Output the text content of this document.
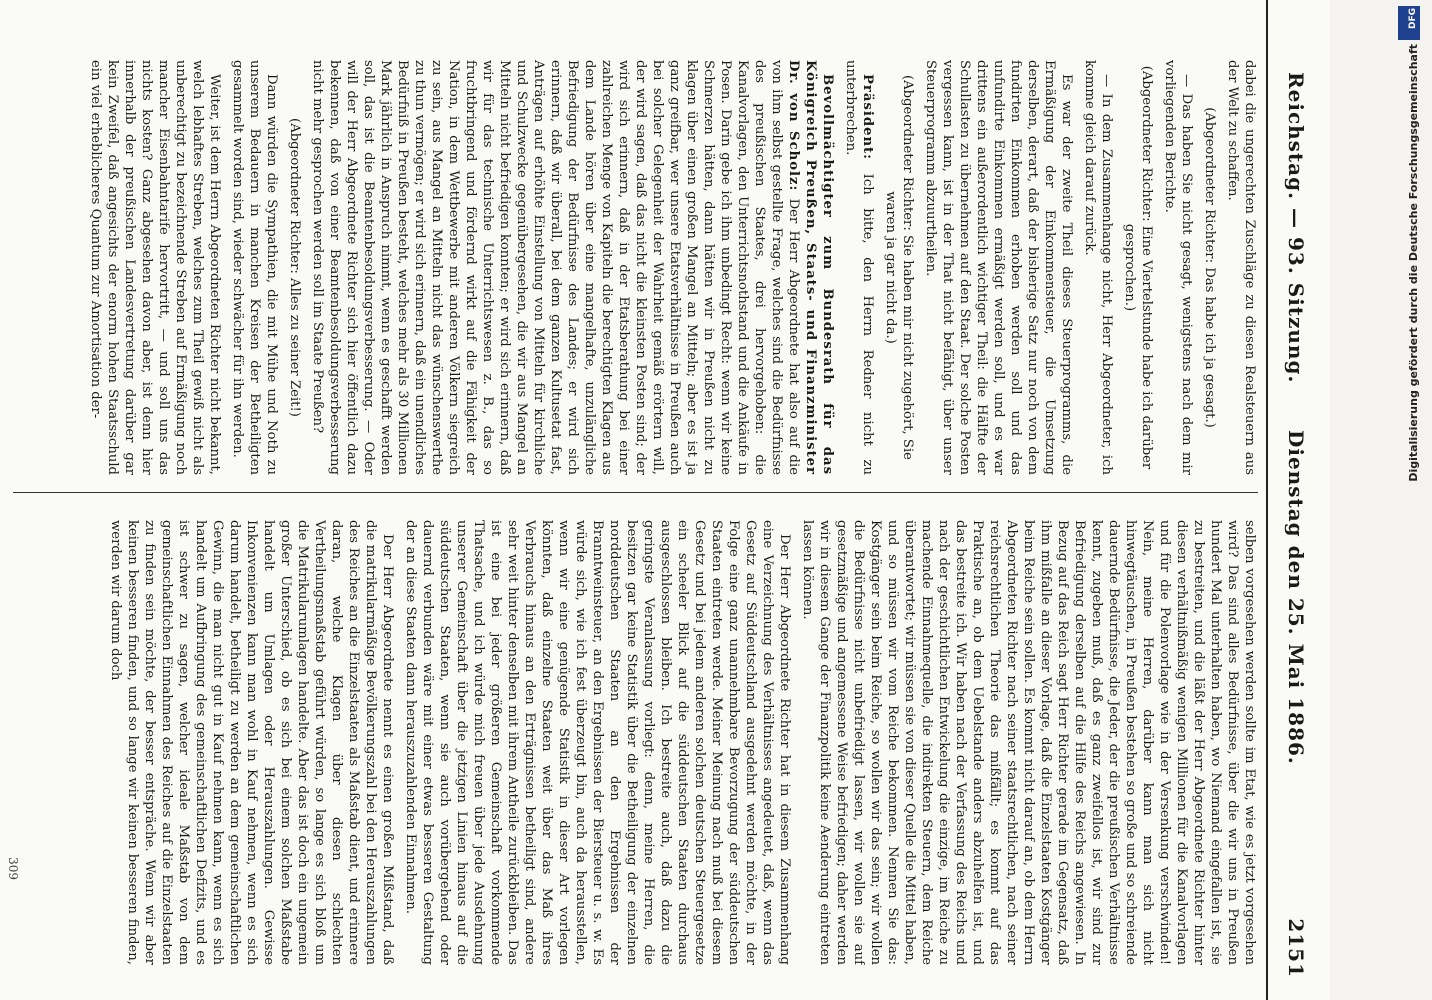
Reichstag. — 93. Sitzung.
Dienstag den 25. Mai 1886.
2151

dabei die ungerechten Zuschläge zu diesen Realsteuern aus der Welt zu schaffen.

(Abgeordneter Richter: Das habe ich ja gesagt.)

— Das haben Sie nicht gesagt, wenigstens nach dem mir vorliegenden Berichte.

(Abgeordneter Richter: Eine Viertelstunde habe ich darüber gesprochen.)

— In dem Zusammenhange nicht, Herr Abgeordneter, ich komme gleich darauf zurück.

Es war der zweite Theil dieses Steuerprogramms, die Ermäßigung der Einkommensteuer, die Umsetzung derselben, derart, daß der bisherige Satz nur noch von dem fundirten Einkommen erhoben werden soll und das unfundirte Einkommen ermäßigt werden soll, und es war drittens ein außerordentlich wichtiger Theil: die Hälfte der Schullasten zu übernehmen auf den Staat. Der solche Posten vergessen kann, ist in der That nicht befähigt, über unser Steuerprogramm abzuurtheilen.

(Abgeordneter Richter: Sie haben mir nicht zugehört, Sie waren ja gar nicht da.)

Präsident: Ich bitte, den Herrn Redner nicht zu unterbrechen.

Bevollmächtigter zum Bundesrath für das Königreich Preußen, Staats- und Finanzminister Dr. von Scholz: Der Herr Abgeordnete hat also auf die von ihm selbst gestellte Frage, welches sind die Bedürfnisse des preußischen Staates, drei hervorgehoben: die Kanalvorlagen, den Unterrichtsnothstand und die Ankäufe in Posen. Darin gebe ich ihm unbedingt Recht: wenn wir keine Schmerzen hätten, dann hätten wir in Preußen nicht zu klagen über einen großen Mangel an Mitteln; aber es ist ja ganz greifbar, wer unsere Etatsverhältnisse in Preußen auch bei solcher Gelegenheit der Wahrheit gemäß erörtern will, der wird sagen, daß das nicht die kleinsten Posten sind; der wird sich erinnern, daß in der Etatsberathung bei einer zahlreichen Menge von Kapiteln die berechtigten Klagen aus dem Lande hören über eine mangelhafte, unzulängliche Befriedigung der Bedürfnisse des Landes; er wird sich erinnern, daß wir überall, bei dem ganzen Kultusetat fast, Anträgen auf erhöhte Einstellung von Mitteln für kirchliche und Schulzwecke gegenübergesehen, die wir aus Mangel an Mitteln nicht befriedigen konnten; er wird sich erinnern, daß wir für das technische Unterrichtswesen z. B., das so fruchtbringend und fördernd wirkt auf die Fähigkeit der Nation, in dem Wettbewerbe mit anderen Völkern siegreich zu sein, aus Mangel an Mitteln nicht das wünschenswerthe zu thun vermögen; er wird sich erinnern, daß ein unendliches Bedürfniß in Preußen besteht, welches mehr als 30 Millionen Mark jährlich in Anspruch nimmt, wenn es geschafft werden soll, das ist die Beamtenbesoldungsverbesserung. — Oder will der Herr Abgeordnete Richter sich hier öffentlich dazu bekennen, daß von einer Beamtenbesoldungsverbesserung nicht mehr gesprochen werden soll im Staate Preußen?

(Abgeordneter Richter: Alles zu seiner Zeit!)

Dann würden die Sympathien, die mit Mühe und Noth zu unserem Bedauern in manchen Kreisen der Betheiligten gesammelt worden sind, wieder schwächer für ihn werden.

Weiter, ist dem Herrn Abgeordneten Richter nicht bekannt, welch lebhaftes Streben, welches zum Theil gewiß nicht als unberechtigt zu bezeichnende Streben auf Ermäßigung noch mancher Eisenbahntarife hervortritt, — und soll uns das nichts kosten? Ganz abgesehen davon aber, ist denn hier innerhalb der preußischen Landesvertretung darüber gar kein Zweifel, daß angesichts der enorm hohen Staatsschuld ein viel erheblicheres Quantum zur Amortisation der-

selben vorgesehen werden sollte im Etat, wie es jetzt vorgesehen wird? Das sind alles Bedürfnisse, über die wir uns in Preußen hundert Mal unterhalten haben, wo Niemand eingefallen ist, sie zu bestreiten, und die läßt der Herr Abgeordnete Richter hinter diesen verhältnißmäßig wenigen Millionen für die Kanalvorlagen und für die Polenvorlage wie in der Versenkung verschwinden! Nein, meine Herren, darüber kann man sich nicht hinwegtäuschen, in Preußen bestehen so große und so schreiende dauernde Bedürfnisse, die Jeder, der die preußischen Verhältnisse kennt, zugeben muß, daß es ganz zweifellos ist, wir sind zur Befriedigung derselben auf die Hilfe des Reichs angewiesen. In Bezug auf das Reich sagt Herr Richter gerade im Gegensatz, daß ihm mißfalle an dieser Vorlage, daß die Einzelstaaten Kostgänger beim Reiche sein sollen. Es kommt nicht darauf an, ob dem Herrn Abgeordneten Richter nach seiner staatsrechtlichen, nach seiner reichsrechtlichen Theorie das mißfällt; es kommt auf das Praktische an, ob dem Uebelstande anders abzuhelfen ist, und das bestreite ich. Wir haben nach der Verfassung des Reichs und nach der geschichtlichen Entwickelung die einzige, im Reiche zu machende Einnahmequelle, die indirekten Steuern, dem Reiche überantwortet; wir müssen sie von dieser Quelle die Mittel haben, und so müssen wir vom Reiche bekommen. Nennen Sie das: Kostgänger sein beim Reiche, so wollen wir das sein; wir wollen die Bedürfnisse nicht unbefriedigt lassen, wir wollen sie auf gesetzmäßige und angemessene Weise befriedigen; daher werden wir in diesem Gange der Finanzpolitik keine Aenderung eintreten lassen können.

Der Herr Abgeordnete Richter hat in diesem Zusammenhang eine Verzeichnung des Verhältnisses angedeutet, daß, wenn das Gesetz auf Süddeutschland ausgedehnt werden möchte, in der Folge eine ganz unannehmbare Bevorzugung der süddeutschen Staaten eintreten werde. Meiner Meinung nach muß bei diesem Gesetz und bei jedem anderen solchen deutschen Steuergesetze ein scheeler Blick auf die süddeutschen Staaten durchaus ausgeschlossen bleiben. Ich bestreite auch, daß dazu die geringste Veranlassung vorliegt: denn, meine Herren, die besitzen gar keine Statistik über die Betheiligung der einzelnen norddeutschen Staaten an den Ergebnissen der Branntweinsteuer, an den Ergebnissen der Biersteuer u. s. w. Es würde sich, wie ich fest überzeugt bin, auch da herausstellen, wenn wir eine genügende Statistik in dieser Art vorlegen könnten, daß einzelne Staaten weit über das Maß ihres Verbrauchs hinaus an den Erträgnissen betheiligt sind, andere sehr weit hinter denselben mit ihrem Antheile zurückbleiben. Das ist eine bei jeder größeren Gemeinschaft vorkommende Thatsache, und ich würde mich freuen über jede Ausdehnung unserer Gemeinschaft über die jetzigen Linien hinaus auf die süddeutschen Staaten, wenn sie auch vorübergehend oder dauernd verbunden wäre mit einer etwas besseren Gestaltung der an diese Staaten dann herauszuzahlenden Einnahmen.

Der Herr Abgeordnete nennt es einen großen Mißstand, daß die matrikularmäßige Bevölkerungszahl bei den Herauszahlungen des Reiches an die Einzelstaaten als Maßstab dient, und erinnere daran, welche Klagen über diesen schlechten Vertheilungsmaßstab geführt würden, so lange es sich bloß um die Matrikularumlagen handelte. Aber das ist doch ein ungemein großer Unterschied, ob es sich bei einem solchen Maßstabe handelt um Umlagen oder Herauszahlungen. Gewisse Inkonvenienzen kann man wohl in Kauf nehmen, wenn es sich darum handelt, betheiligt zu werden an dem gemeinschaftlichen Gewinn, die man nicht gut in Kauf nehmen kann, wenn es sich handelt um Aufbringung des gemeinschaftlichen Defizits, und es ist schwer zu sagen, welcher ideale Maßstab von dem gemeinschaftlichen Einnahmen des Reiches auf die Einzelstaaten zu finden sein möchte, der besser entspräche. Wenn wir aber keinen besseren finden, und so lange wir keinen besseren finden, werden wir darum doch

309
DFG
Digitalisierung gefördert durch die Deutsche Forschungsgemeinschaft
